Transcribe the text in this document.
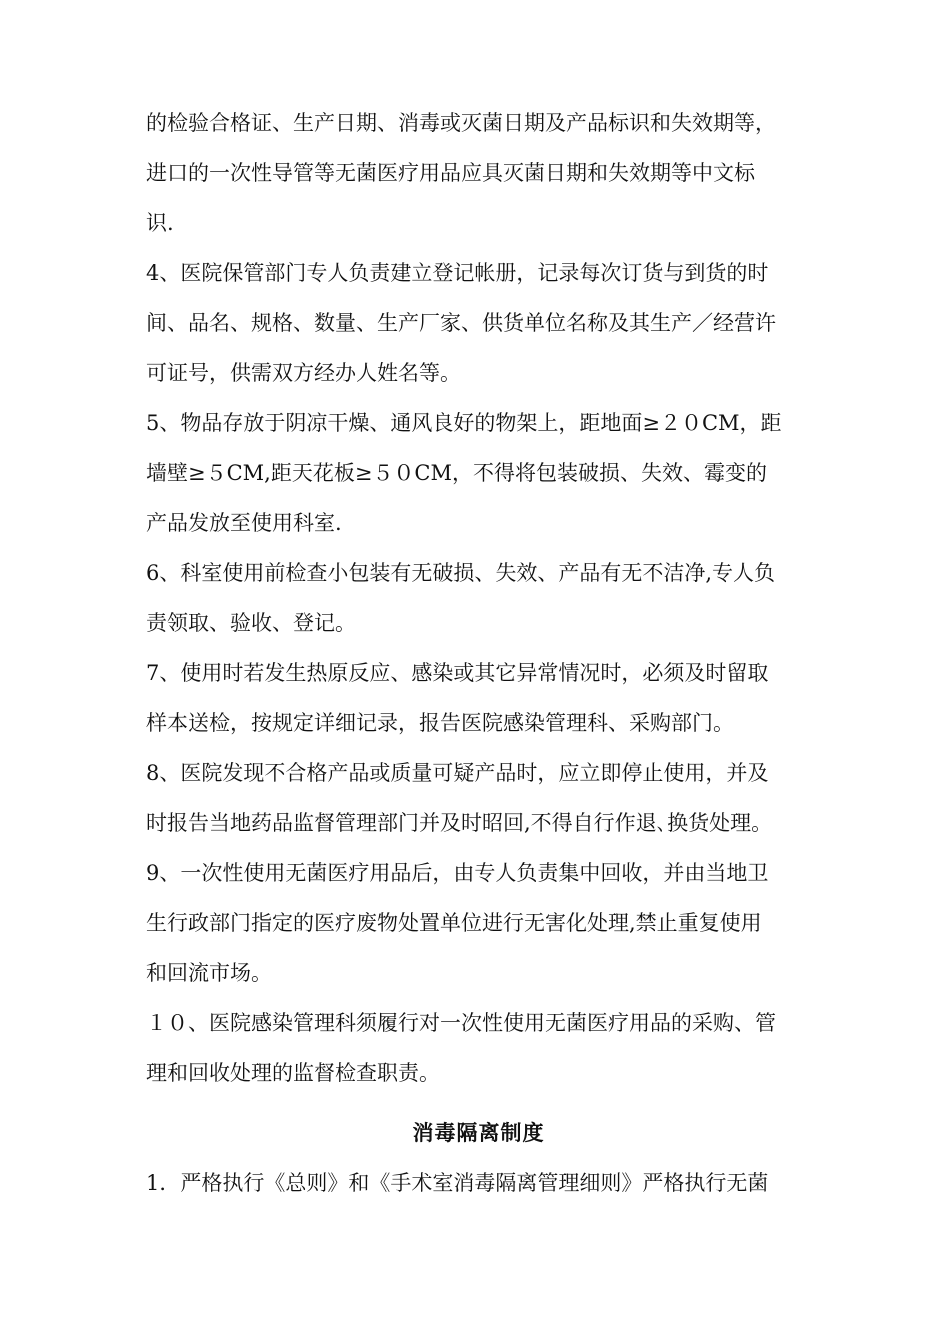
的检验合格证、生产日期、消毒或灭菌日期及产品标识和失效期等，
进口的一次性导管等无菌医疗用品应具灭菌日期和失效期等中文标
识.
4、医院保管部门专人负责建立登记帐册，记录每次订货与到货的时
间、品名、规格、数量、生产厂家、供货单位名称及其生产／经营许
可证号，供需双方经办人姓名等。
5、物品存放于阴凉干燥、通风良好的物架上，距地面≥２０CM，距
墙壁≥５CM,距天花板≥５０CM，不得将包装破损、失效、霉变的
产品发放至使用科室.
6、科室使用前检查小包装有无破损、失效、产品有无不洁净,专人负
责领取、验收、登记。
7、使用时若发生热原反应、感染或其它异常情况时，必须及时留取
样本送检，按规定详细记录，报告医院感染管理科、采购部门。
8、医院发现不合格产品或质量可疑产品时，应立即停止使用，并及
时报告当地药品监督管理部门并及时昭回,不得自行作退､换货处理。
9、一次性使用无菌医疗用品后，由专人负责集中回收，并由当地卫
生行政部门指定的医疗废物处置单位进行无害化处理,禁止重复使用
和回流市场。
１０、医院感染管理科须履行对一次性使用无菌医疗用品的采购、管
理和回收处理的监督检查职责。
消毒隔离制度
1．严格执行《总则》和《手术室消毒隔离管理细则》严格执行无菌
